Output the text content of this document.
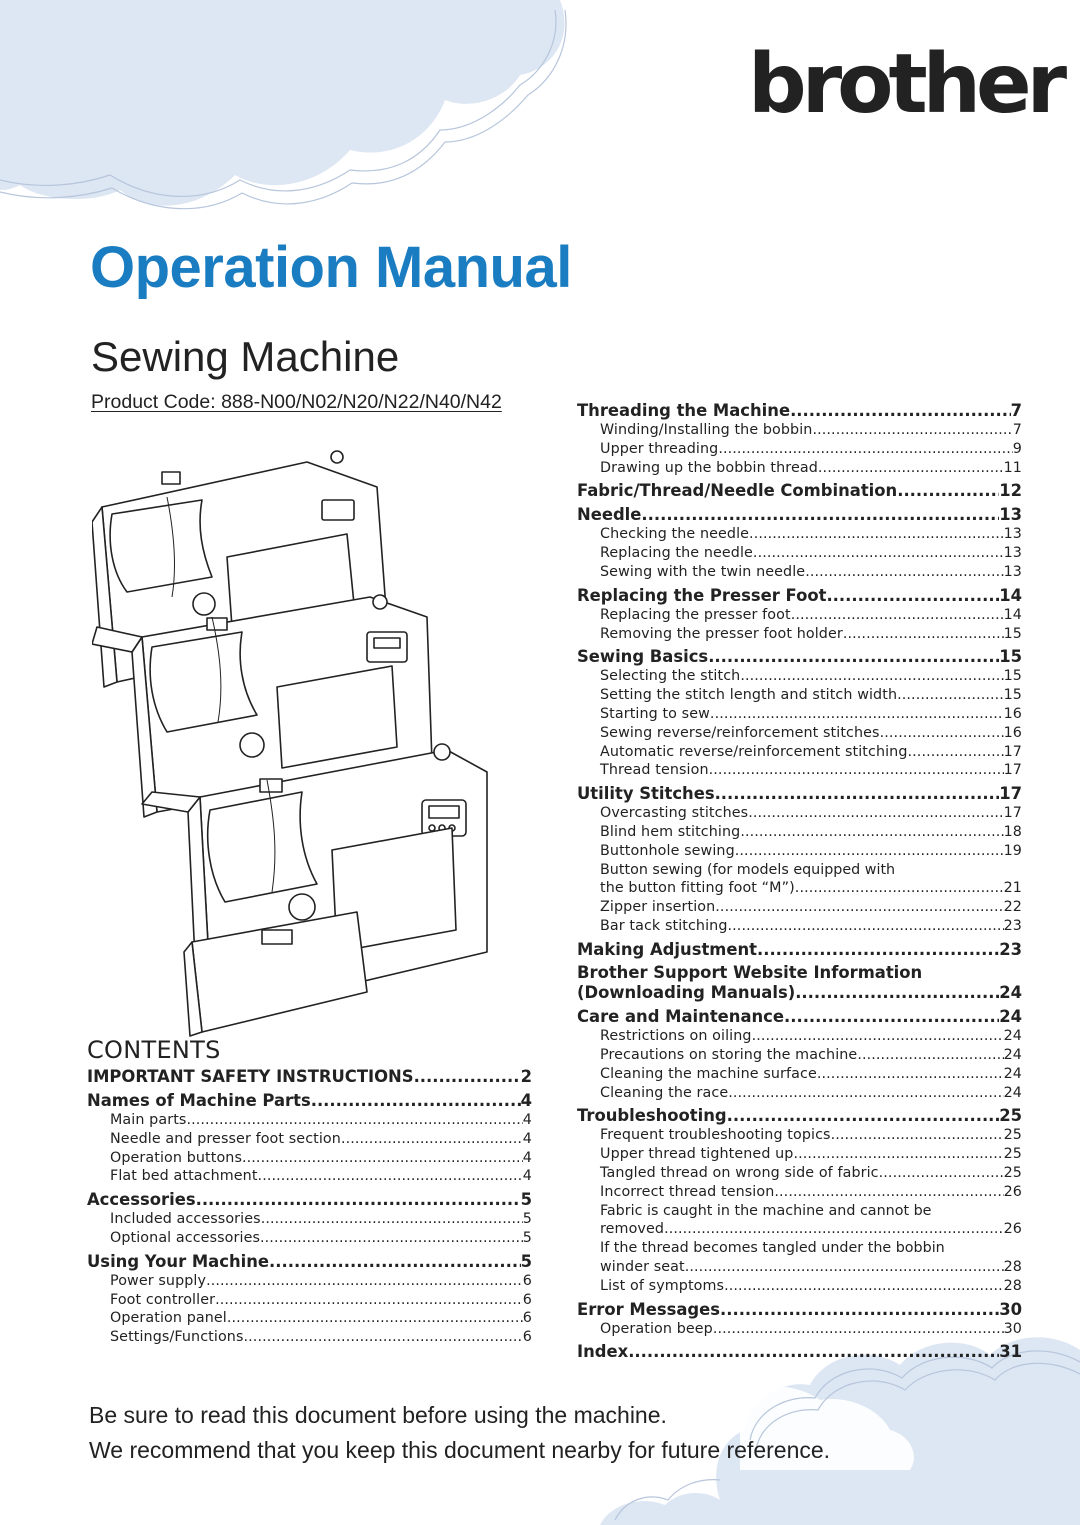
brother
Operation Manual
Sewing Machine
Product Code: 888-N00/N02/N20/N22/N40/N42
CONTENTS
IMPORTANT SAFETY INSTRUCTIONS .....	2
Names of Machine Parts .....	4
Main parts .....	4
Needle and presser foot section .....	4
Operation buttons .....	4
Flat bed attachment .....	4
Accessories .....	5
Included accessories .....	5
Optional accessories .....	5
Using Your Machine .....	5
Power supply .....	6
Foot controller .....	6
Operation panel .....	6
Settings/Functions .....	6
Threading the Machine .....	7
Winding/Installing the bobbin .....	7
Upper threading .....	9
Drawing up the bobbin thread .....	11
Fabric/Thread/Needle Combination .....	12
Needle .....	13
Checking the needle .....	13
Replacing the needle .....	13
Sewing with the twin needle .....	13
Replacing the Presser Foot .....	14
Replacing the presser foot .....	14
Removing the presser foot holder .....	15
Sewing Basics .....	15
Selecting the stitch .....	15
Setting the stitch length and stitch width .....	15
Starting to sew .....	16
Sewing reverse/reinforcement stitches .....	16
Automatic reverse/reinforcement stitching .....	17
Thread tension .....	17
Utility Stitches .....	17
Overcasting stitches .....	17
Blind hem stitching .....	18
Buttonhole sewing .....	19
Button sewing (for models equipped with
the button fitting foot “M”) .....	21
Zipper insertion .....	22
Bar tack stitching .....	23
Making Adjustment .....	23
Brother Support Website Information
(Downloading Manuals) .....	24
Care and Maintenance .....	24
Restrictions on oiling .....	24
Precautions on storing the machine .....	24
Cleaning the machine surface .....	24
Cleaning the race .....	24
Troubleshooting .....	25
Frequent troubleshooting topics .....	25
Upper thread tightened up .....	25
Tangled thread on wrong side of fabric .....	25
Incorrect thread tension .....	26
Fabric is caught in the machine and cannot be
removed .....	26
If the thread becomes tangled under the bobbin
winder seat .....	28
List of symptoms .....	28
Error Messages .....	30
Operation beep .....	30
Index .....	31
Be sure to read this document before using the machine.
We recommend that you keep this document nearby for future reference.
